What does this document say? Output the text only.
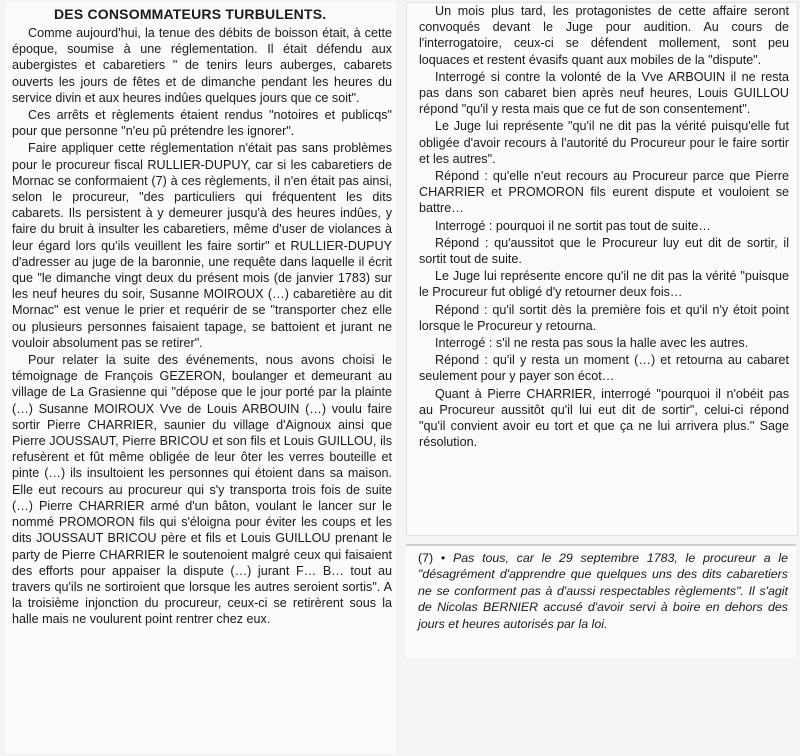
DES CONSOMMATEURS TURBULENTS.

Comme aujourd'hui, la tenue des débits de boisson était, à cette époque, soumise à une réglementation. Il était défendu aux aubergistes et cabaretiers " de tenirs leurs auberges, cabarets ouverts les jours de fêtes et de dimanche pendant les heures du service divin et aux heures indûes quelques jours que ce soit".

Ces arrêts et règlements étaient rendus "notoires et publicqs" pour que personne "n'eu pû prétendre les ignorer".

Faire appliquer cette réglementation n'était pas sans problèmes pour le procureur fiscal RULLIER-DUPUY, car si les cabaretiers de Mornac se conformaient (7) à ces règlements, il n'en était pas ainsi, selon le procureur, "des particuliers qui fréquentent les dits cabarets. Ils persistent à y demeurer jusqu'à des heures indûes, y faire du bruit à insulter les cabaretiers, même d'user de violances à leur égard lors qu'ils veuillent les faire sortir" et RULLIER-DUPUY d'adresser au juge de la baronnie, une requête dans laquelle il écrit que "le dimanche vingt deux du présent mois (de janvier 1783) sur les neuf heures du soir, Susanne MOIROUX (…) cabaretière au dit Mornac" est venue le prier et requérir de se "transporter chez elle ou plusieurs personnes faisaient tapage, se battoient et jurant ne vouloir absolument pas se retirer".

Pour relater la suite des événements, nous avons choisi le témoignage de François GEZERON, boulanger et demeurant au village de La Grasienne qui "dépose que le jour porté par la plainte (…) Susanne MOIROUX Vve de Louis ARBOUIN (…) voulu faire sortir Pierre CHARRIER, saunier du village d'Aignoux ainsi que Pierre JOUSSAUT, Pierre BRICOU et son fils et Louis GUILLOU, ils refusèrent et fût même obligée de leur ôter les verres bouteille et pinte (…) ils insultoient les personnes qui étoient dans sa maison. Elle eut recours au procureur qui s'y transporta trois fois de suite (…) Pierre CHARRIER armé d'un bâton, voulant le lancer sur le nommé PROMORON fils qui s'éloigna pour éviter les coups et les dits JOUSSAUT BRICOU père et fils et Louis GUILLOU prenant le party de Pierre CHARRIER le soutenoient malgré ceux qui faisaient des efforts pour appaiser la dispute (…) jurant F… B… tout au travers qu'ils ne sortiroient que lorsque les autres seroient sortis". A la troisième injonction du procureur, ceux-ci se retirèrent sous la halle mais ne voulurent point rentrer chez eux.

Un mois plus tard, les protagonistes de cette affaire seront convoqués devant le Juge pour audition. Au cours de l'interrogatoire, ceux-ci se défendent mollement, sont peu loquaces et restent évasifs quant aux mobiles de la "dispute".

Interrogé si contre la volonté de la Vve ARBOUIN il ne resta pas dans son cabaret bien après neuf heures, Louis GUILLOU répond "qu'il y resta mais que ce fut de son consentement".

Le Juge lui représente "qu'il ne dit pas la vérité puisqu'elle fut obligée d'avoir recours à l'autorité du Procureur pour le faire sortir et les autres".

Répond : qu'elle n'eut recours au Procureur parce que Pierre CHARRIER et PROMORON fils eurent dispute et vouloient se battre…

Interrogé : pourquoi il ne sortit pas tout de suite…

Répond : qu'aussitot que le Procureur luy eut dit de sortir, il sortit tout de suite.

Le Juge lui représente encore qu'il ne dit pas la vérité "puisque le Procureur fut obligé d'y retourner deux fois…

Répond : qu'il sortit dès la première fois et qu'il n'y étoit point lorsque le Procureur y retourna.

Interrogé : s'il ne resta pas sous la halle avec les autres.

Répond : qu'il y resta un moment (…) et retourna au cabaret seulement pour y payer son écot…

Quant à Pierre CHARRIER, interrogé "pourquoi il n'obéit pas au Procureur aussitôt qu'il lui eut dit de sortir", celui-ci répond "qu'il convient avoir eu tort et que ça ne lui arrivera plus." Sage résolution.

(7) • Pas tous, car le 29 septembre 1783, le procureur a le "désagrément d'apprendre que quelques uns des dits cabaretiers ne se conforment pas à d'aussi respectables règlements". Il s'agit de Nicolas BERNIER accusé d'avoir servi à boire en dehors des jours et heures autorisés par la loi.
